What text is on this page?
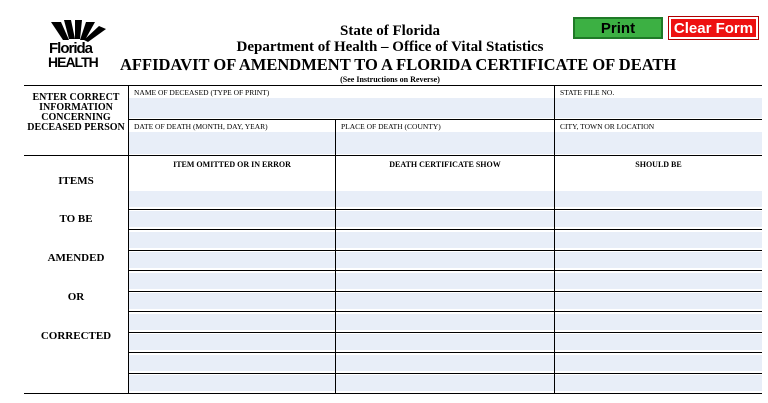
Florida
HEALTH
State of Florida
Department of Health – Office of Vital Statistics
AFFIDAVIT OF AMENDMENT TO A FLORIDA CERTIFICATE OF DEATH
(See Instructions on Reverse)
Print	Clear Form
ENTER CORRECT INFORMATION CONCERNING DECEASED PERSON
NAME OF DECEASED (TYPE OF PRINT)	STATE FILE NO.
DATE OF DEATH (MONTH, DAY, YEAR)	PLACE OF DEATH (COUNTY)	CITY, TOWN OR LOCATION
ITEMS
TO BE
AMENDED
OR
CORRECTED
ITEM OMITTED OR IN ERROR	DEATH CERTIFICATE SHOW	SHOULD BE
